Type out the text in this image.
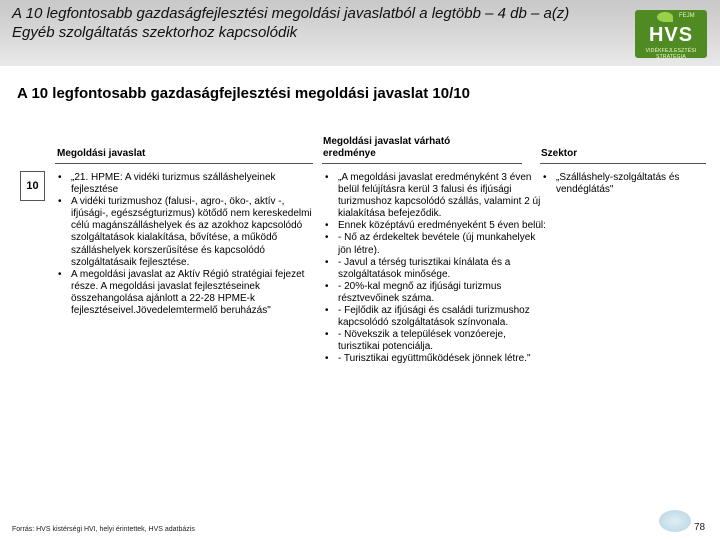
A 10 legfontosabb gazdaságfejlesztési megoldási javaslatból a legtöbb – 4 db – a(z) Egyéb szolgáltatás szektorhoz kapcsolódik
FEJM
HVS
VIDÉKFEJLESZTÉSI STRATÉGIA
A 10 legfontosabb gazdaságfejlesztési megoldási javaslat 10/10
Megoldási javaslat
Megoldási javaslat várható eredménye	Szektor
10
• „21. HPME: A vidéki turizmus szálláshelyeinek fejlesztése
• A vidéki turizmushoz (falusi-, agro-, öko-, aktív -, ifjúsági-, egészségturizmus) kötődő nem kereskedelmi célú magánszálláshelyek és az azokhoz kapcsolódó szolgáltatások kialakítása, bővítése, a működő szálláshelyek korszerűsítése és kapcsolódó szolgáltatásaik fejlesztése.
• A megoldási javaslat az Aktív Régió stratégiai fejezet része. A megoldási javaslat fejlesztéseinek összehangolása ajánlott a 22-28 HPME-k fejlesztéseivel.Jövedelemtermelő beruházás"
• „A megoldási javaslat eredményként 3 éven belül felújításra kerül 3 falusi és ifjúsági turizmushoz kapcsolódó szállás, valamint 2 új kialakítása befejeződik.
• Ennek középtávú eredményeként 5 éven belül:
• - Nő az érdekeltek bevétele (új munkahelyek jön létre).
• - Javul a térség turisztikai kínálata és a szolgáltatások minősége.
• - 20%-kal megnő az ifjúsági turizmus résztvevőinek száma.
• - Fejlődik az ifjúsági és családi turizmushoz kapcsolódó szolgáltatások színvonala.
• - Növekszik a települések vonzóereje, turisztikai potenciálja.
• - Turisztikai együttműködések jönnek létre."
• „Szálláshely-szolgáltatás és vendéglátás"
Forrás: HVS kistérségi HVI, helyi érintettek, HVS adatbázis	78
